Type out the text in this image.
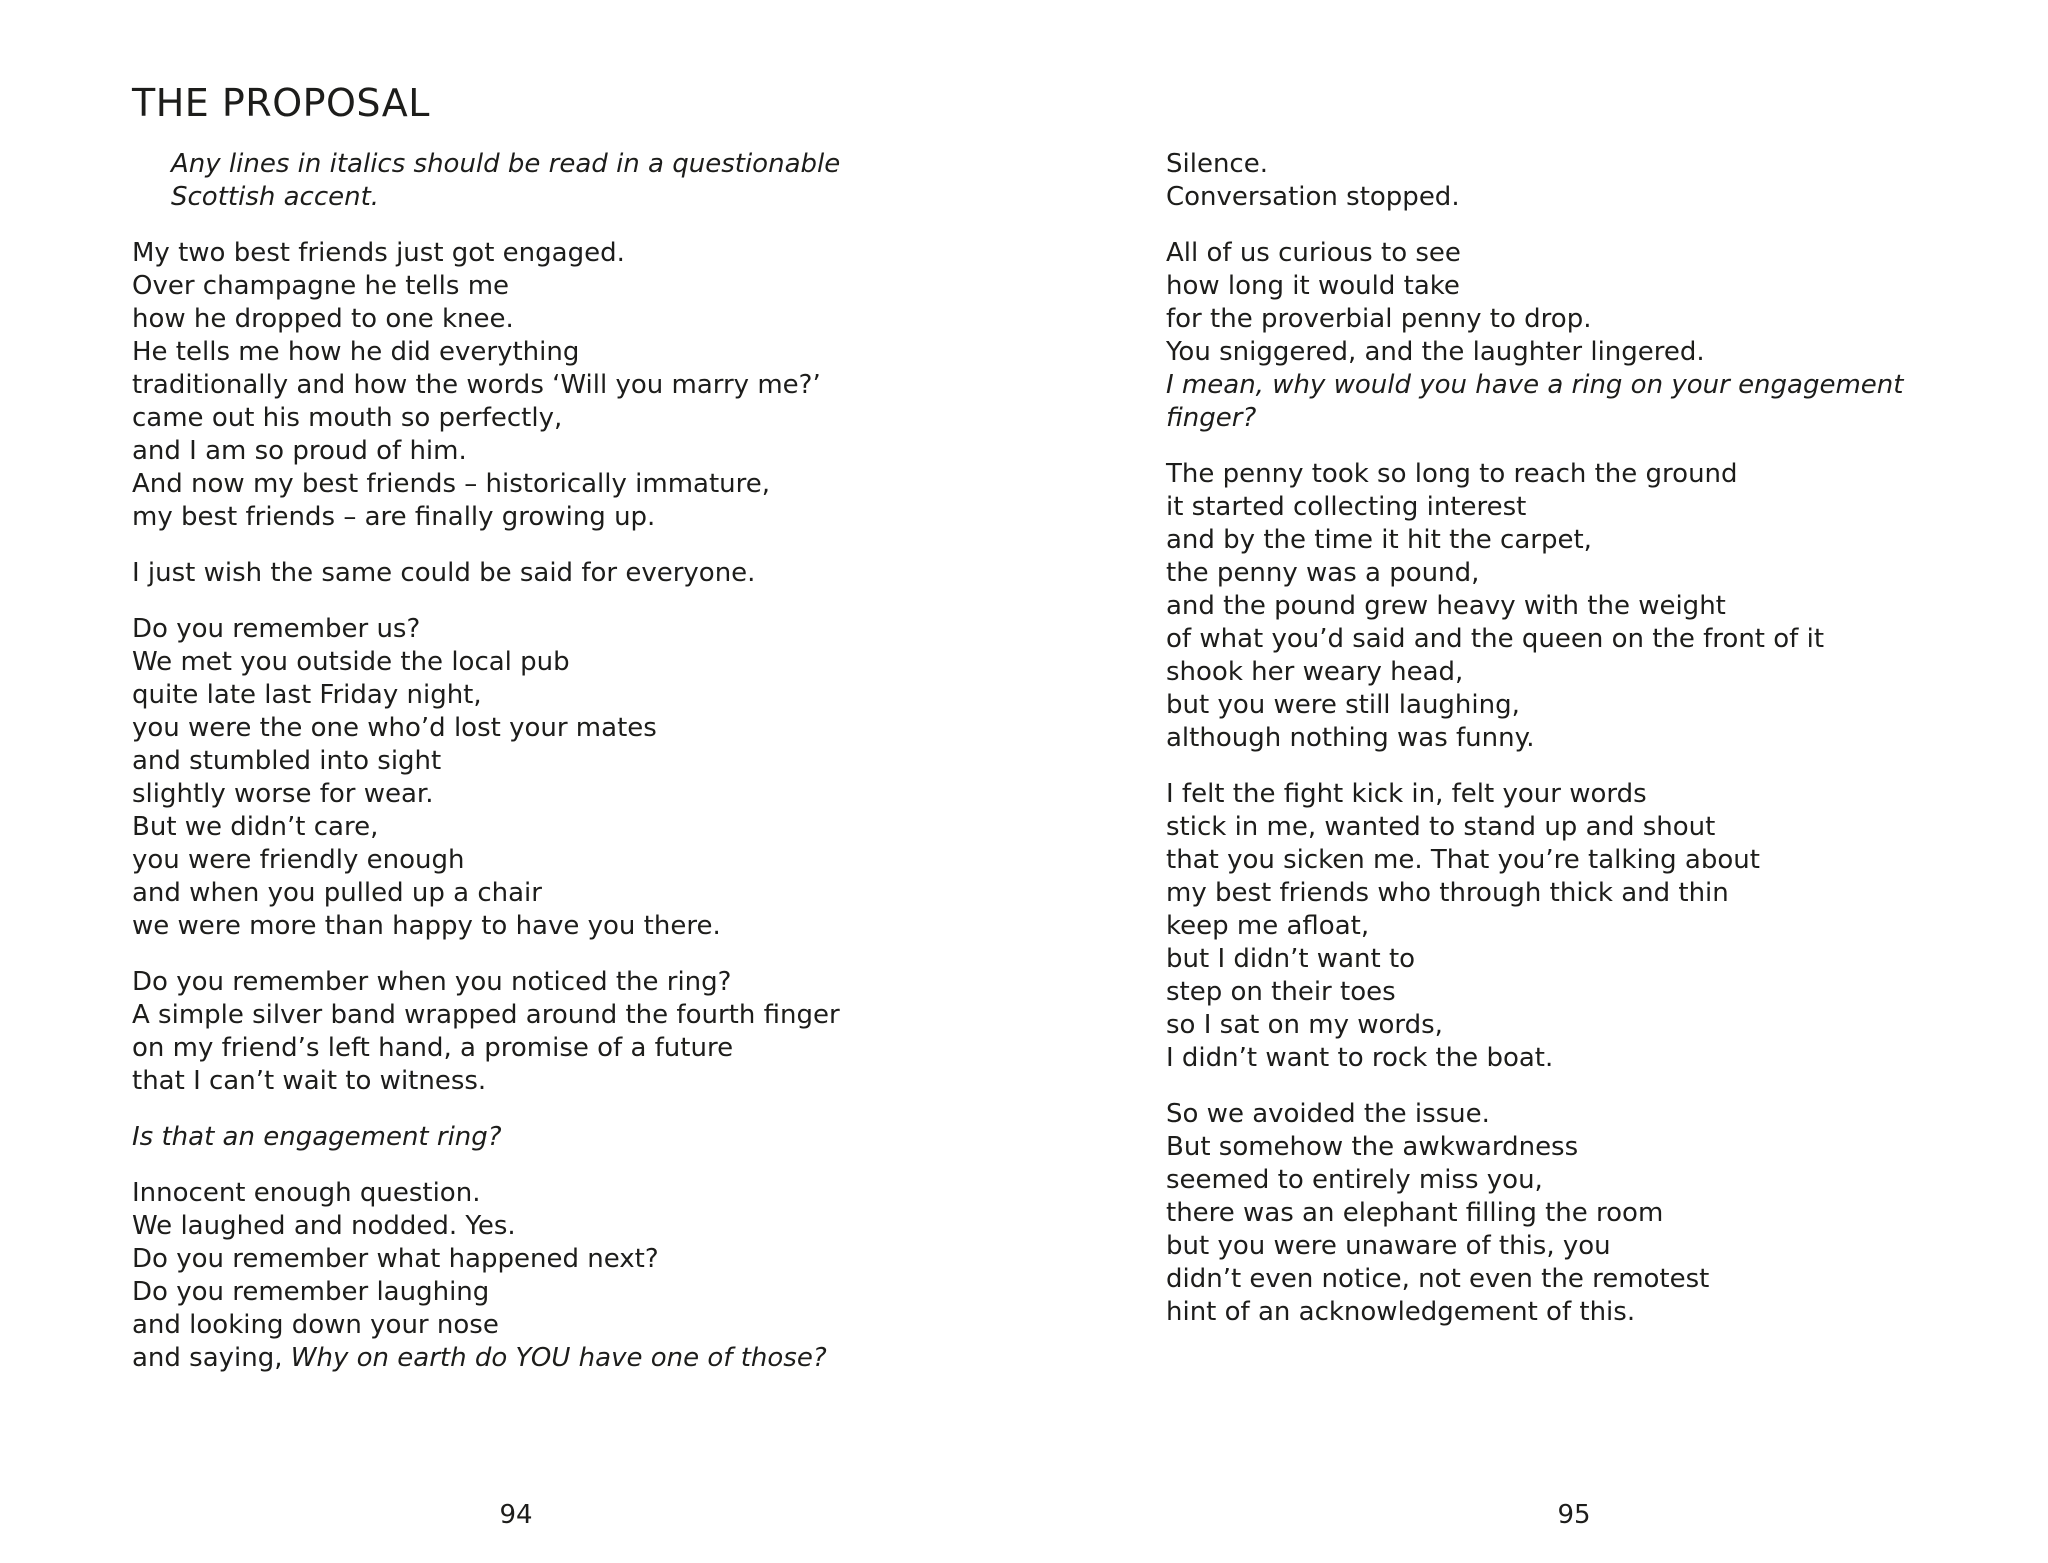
THE PROPOSAL

Any lines in italics should be read in a questionable
Scottish accent.

My two best friends just got engaged.
Over champagne he tells me
how he dropped to one knee.
He tells me how he did everything
traditionally and how the words ‘Will you marry me?’
came out his mouth so perfectly,
and I am so proud of him.
And now my best friends – historically immature,
my best friends – are finally growing up.

I just wish the same could be said for everyone.

Do you remember us?
We met you outside the local pub
quite late last Friday night,
you were the one who’d lost your mates
and stumbled into sight
slightly worse for wear.
But we didn’t care,
you were friendly enough
and when you pulled up a chair
we were more than happy to have you there.

Do you remember when you noticed the ring?
A simple silver band wrapped around the fourth finger
on my friend’s left hand, a promise of a future
that I can’t wait to witness.

Is that an engagement ring?

Innocent enough question.
We laughed and nodded. Yes.
Do you remember what happened next?
Do you remember laughing
and looking down your nose
and saying, Why on earth do YOU have one of those?

94

Silence.
Conversation stopped.

All of us curious to see
how long it would take
for the proverbial penny to drop.
You sniggered, and the laughter lingered.
I mean, why would you have a ring on your engagement
finger?

The penny took so long to reach the ground
it started collecting interest
and by the time it hit the carpet,
the penny was a pound,
and the pound grew heavy with the weight
of what you’d said and the queen on the front of it
shook her weary head,
but you were still laughing,
although nothing was funny.

I felt the fight kick in, felt your words
stick in me, wanted to stand up and shout
that you sicken me. That you’re talking about
my best friends who through thick and thin
keep me afloat,
but I didn’t want to
step on their toes
so I sat on my words,
I didn’t want to rock the boat.

So we avoided the issue.
But somehow the awkwardness
seemed to entirely miss you,
there was an elephant filling the room
but you were unaware of this, you
didn’t even notice, not even the remotest
hint of an acknowledgement of this.

95
